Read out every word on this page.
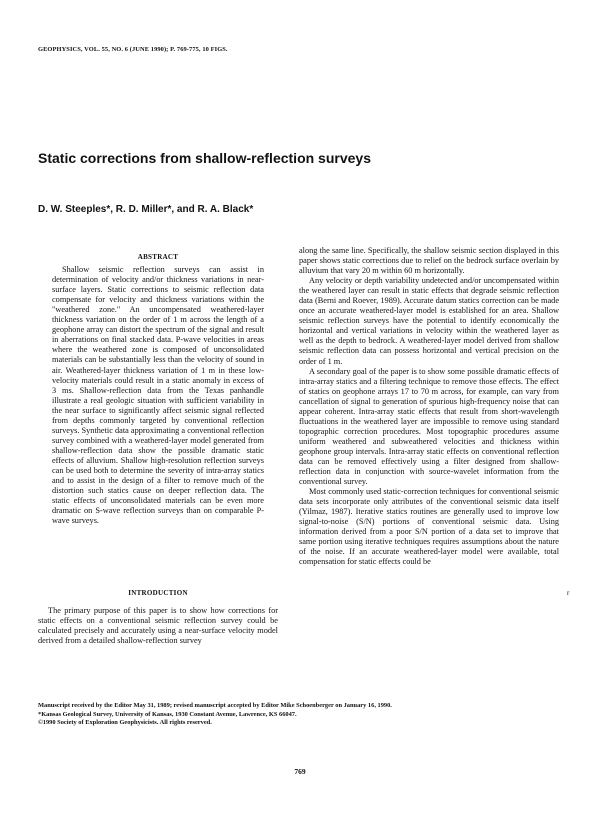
GEOPHYSICS, VOL. 55, NO. 6 (JUNE 1990); P. 769-775, 10 FIGS.
Static corrections from shallow-reflection surveys
D. W. Steeples*, R. D. Miller*, and R. A. Black*
ABSTRACT

Shallow seismic reflection surveys can assist in determination of velocity and/or thickness variations in near-surface layers. Static corrections to seismic reflection data compensate for velocity and thickness variations within the "weathered zone." An uncompensated weathered-layer thickness variation on the order of 1 m across the length of a geophone array can distort the spectrum of the signal and result in aberrations on final stacked data. P-wave velocities in areas where the weathered zone is composed of unconsolidated materials can be substantially less than the velocity of sound in air. Weathered-layer thickness variation of 1 m in these low-velocity materials could result in a static anomaly in excess of 3 ms. Shallow-reflection data from the Texas panhandle illustrate a real geologic situation with sufficient variability in the near surface to significantly affect seismic signal reflected from depths commonly targeted by conventional reflection surveys. Synthetic data approximating a conventional reflection survey combined with a weathered-layer model generated from shallow-reflection data show the possible dramatic static effects of alluvium. Shallow high-resolution reflection surveys can be used both to determine the severity of intra-array statics and to assist in the design of a filter to remove much of the distortion such statics cause on deeper reflection data. The static effects of unconsolidated materials can be even more dramatic on S-wave reflection surveys than on comparable P-wave surveys.

INTRODUCTION

The primary purpose of this paper is to show how corrections for static effects on a conventional seismic reflection survey could be calculated precisely and accurately using a near-surface velocity model derived from a detailed shallow-reflection survey

along the same line. Specifically, the shallow seismic section displayed in this paper shows static corrections due to relief on the bedrock surface overlain by alluvium that vary 20 m within 60 m horizontally.

Any velocity or depth variability undetected and/or uncompensated within the weathered layer can result in static effects that degrade seismic reflection data (Berni and Roever, 1989). Accurate datum statics correction can be made once an accurate weathered-layer model is established for an area. Shallow seismic reflection surveys have the potential to identify economically the horizontal and vertical variations in velocity within the weathered layer as well as the depth to bedrock. A weathered-layer model derived from shallow seismic reflection data can possess horizontal and vertical precision on the order of 1 m.

A secondary goal of the paper is to show some possible dramatic effects of intra-array statics and a filtering technique to remove those effects. The effect of statics on geophone arrays 17 to 70 m across, for example, can vary from cancellation of signal to generation of spurious high-frequency noise that can appear coherent. Intra-array static effects that result from short-wavelength fluctuations in the weathered layer are impossible to remove using standard topographic correction procedures. Most topographic procedures assume uniform weathered and subweathered velocities and thickness within geophone group intervals. Intra-array static effects on conventional reflection data can be removed effectively using a filter designed from shallow-reflection data in conjunction with source-wavelet information from the conventional survey.

Most commonly used static-correction techniques for conventional seismic data sets incorporate only attributes of the conventional seismic data itself (Yilmaz, 1987). Iterative statics routines are generally used to improve low signal-to-noise (S/N) portions of conventional seismic data. Using information derived from a poor S/N portion of a data set to improve that same portion using iterative techniques requires assumptions about the nature of the noise. If an accurate weathered-layer model were available, total compensation for static effects could be

r
Manuscript received by the Editor May 31, 1989; revised manuscript accepted by Editor Mike Schoenberger on January 16, 1990.
*Kansas Geological Survey, University of Kansas, 1930 Constant Avenue, Lawrence, KS 66047.
©1990 Society of Exploration Geophysicists. All rights reserved.
769
